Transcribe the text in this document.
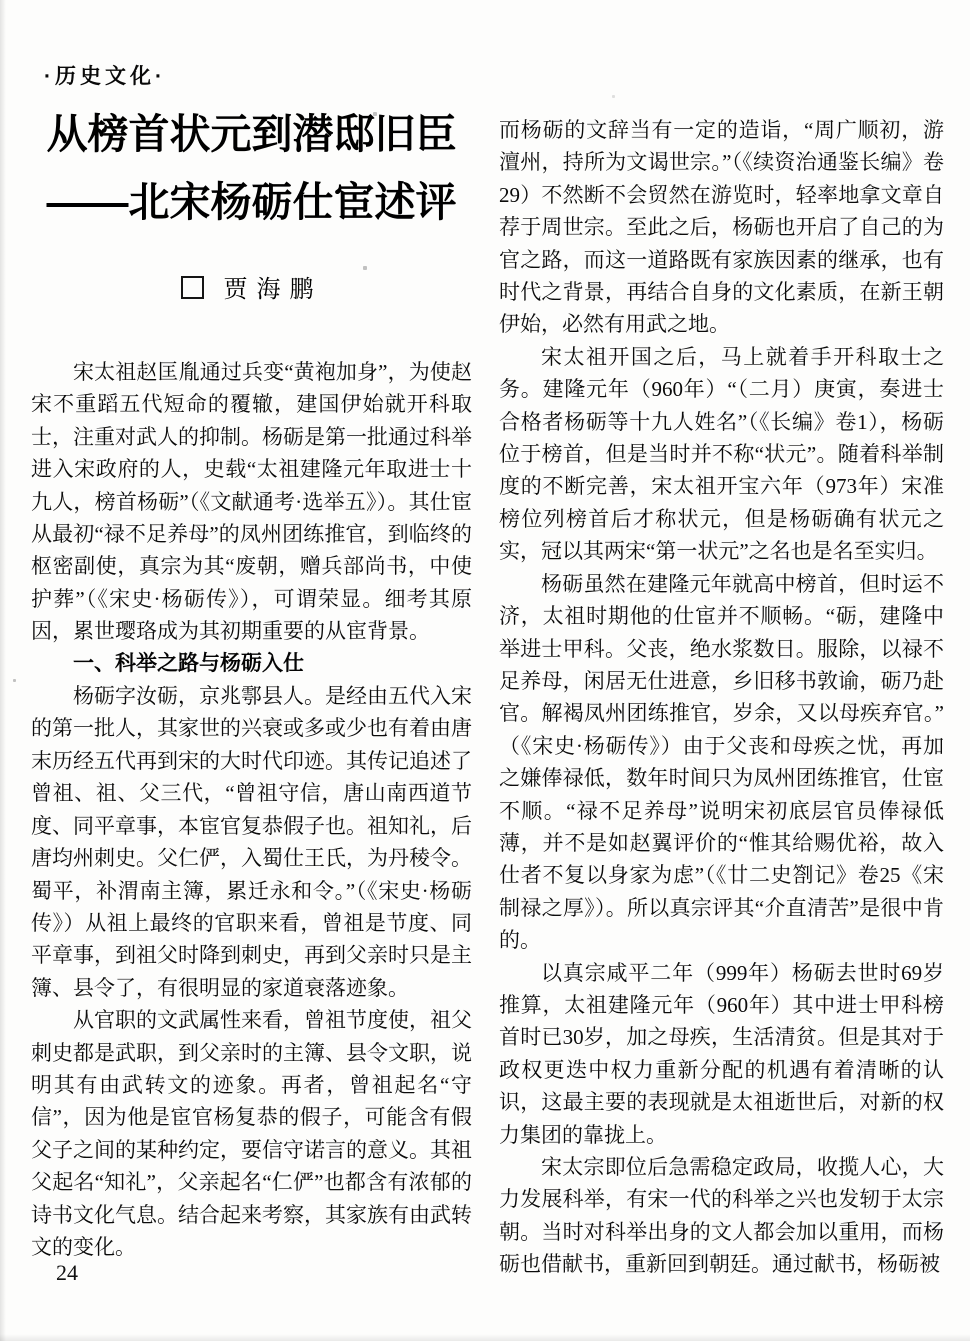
·历史文化·
从榜首状元到潜邸旧臣
——北宋杨砺仕宦述评
贾海鹏

宋太祖赵匡胤通过兵变“黄袍加身”，为使赵宋不重蹈五代短命的覆辙，建国伊始就开科取士，注重对武人的抑制。杨砺是第一批通过科举进入宋政府的人，史载“太祖建隆元年取进士十九人，榜首杨砺”（《文献通考·选举五》）。其仕宦从最初“禄不足养母”的凤州团练推官，到临终的枢密副使，真宗为其“废朝，赠兵部尚书，中使护葬”（《宋史·杨砺传》），可谓荣显。细考其原因，累世璎珞成为其初期重要的从宦背景。

一、科举之路与杨砺入仕

杨砺字汝砺，京兆鄠县人。是经由五代入宋的第一批人，其家世的兴衰或多或少也有着由唐末历经五代再到宋的大时代印迹。其传记追述了曾祖、祖、父三代，“曾祖守信，唐山南西道节度、同平章事，本宦官复恭假子也。祖知礼，后唐均州刺史。父仁俨，入蜀仕王氏，为丹稜令。蜀平，补渭南主簿，累迁永和令。”（《宋史·杨砺传》）从祖上最终的官职来看，曾祖是节度、同平章事，到祖父时降到刺史，再到父亲时只是主簿、县令了，有很明显的家道衰落迹象。

从官职的文武属性来看，曾祖节度使，祖父刺史都是武职，到父亲时的主簿、县令文职，说明其有由武转文的迹象。再者，曾祖起名“守信”，因为他是宦官杨复恭的假子，可能含有假父子之间的某种约定，要信守诺言的意义。其祖父起名“知礼”，父亲起名“仁俨”也都含有浓郁的诗书文化气息。结合起来考察，其家族有由武转文的变化。

而杨砺的文辞当有一定的造诣，“周广顺初，游澶州，持所为文谒世宗。”（《续资治通鉴长编》卷29）不然断不会贸然在游览时，轻率地拿文章自荐于周世宗。至此之后，杨砺也开启了自己的为官之路，而这一道路既有家族因素的继承，也有时代之背景，再结合自身的文化素质，在新王朝伊始，必然有用武之地。

宋太祖开国之后，马上就着手开科取士之务。建隆元年（960年）“（二月）庚寅，奏进士合格者杨砺等十九人姓名”（《长编》卷1），杨砺位于榜首，但是当时并不称“状元”。随着科举制度的不断完善，宋太祖开宝六年（973年）宋准榜位列榜首后才称状元，但是杨砺确有状元之实，冠以其两宋“第一状元”之名也是名至实归。

杨砺虽然在建隆元年就高中榜首，但时运不济，太祖时期他的仕宦并不顺畅。“砺，建隆中举进士甲科。父丧，绝水浆数日。服除，以禄不足养母，闲居无仕进意，乡旧移书敦谕，砺乃赴官。解褐凤州团练推官，岁余，又以母疾弃官。”（《宋史·杨砺传》）由于父丧和母疾之忧，再加之嫌俸禄低，数年时间只为凤州团练推官，仕宦不顺。“禄不足养母”说明宋初底层官员俸禄低薄，并不是如赵翼评价的“惟其给赐优裕，故入仕者不复以身家为虑”（《廿二史劄记》卷25《宋制禄之厚》）。所以真宗评其“介直清苦”是很中肯的。

以真宗咸平二年（999年）杨砺去世时69岁推算，太祖建隆元年（960年）其中进士甲科榜首时已30岁，加之母疾，生活清贫。但是其对于政权更迭中权力重新分配的机遇有着清晰的认识，这最主要的表现就是太祖逝世后，对新的权力集团的靠拢上。

宋太宗即位后急需稳定政局，收揽人心，大力发展科举，有宋一代的科举之兴也发轫于太宗朝。当时对科举出身的文人都会加以重用，而杨砺也借献书，重新回到朝廷。通过献书，杨砺被

24
